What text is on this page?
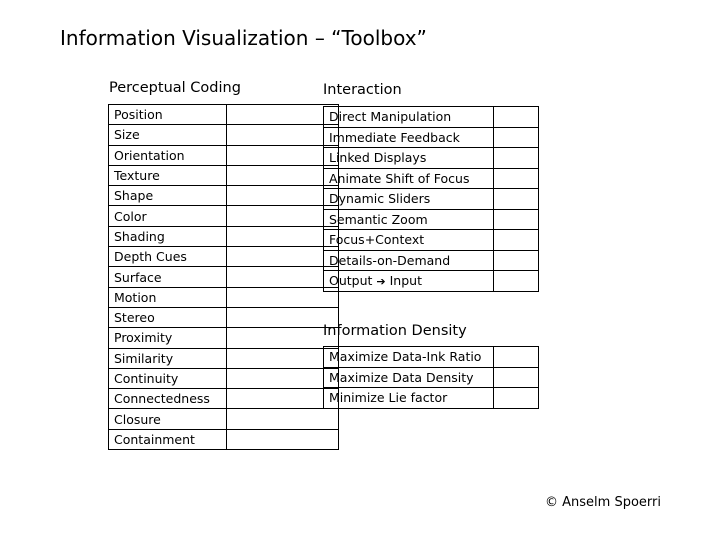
Information Visualization – “Toolbox”
Perceptual Coding	Interaction
Information Density
Position	
Size	
Orientation	
Texture	
Shape	
Color	
Shading	
Depth Cues	
Surface	
Motion	
Stereo	
Proximity	
Similarity	
Continuity	
Connectedness	
Closure	
Containment	
Direct Manipulation	
Immediate Feedback	
Linked Displays	
Animate Shift of Focus	
Dynamic Sliders	
Semantic Zoom	
Focus+Context	
Details-on-Demand	
Output ➔ Input	
Maximize Data-Ink Ratio	
Maximize Data Density	
Minimize Lie factor	
© Anselm Spoerri
